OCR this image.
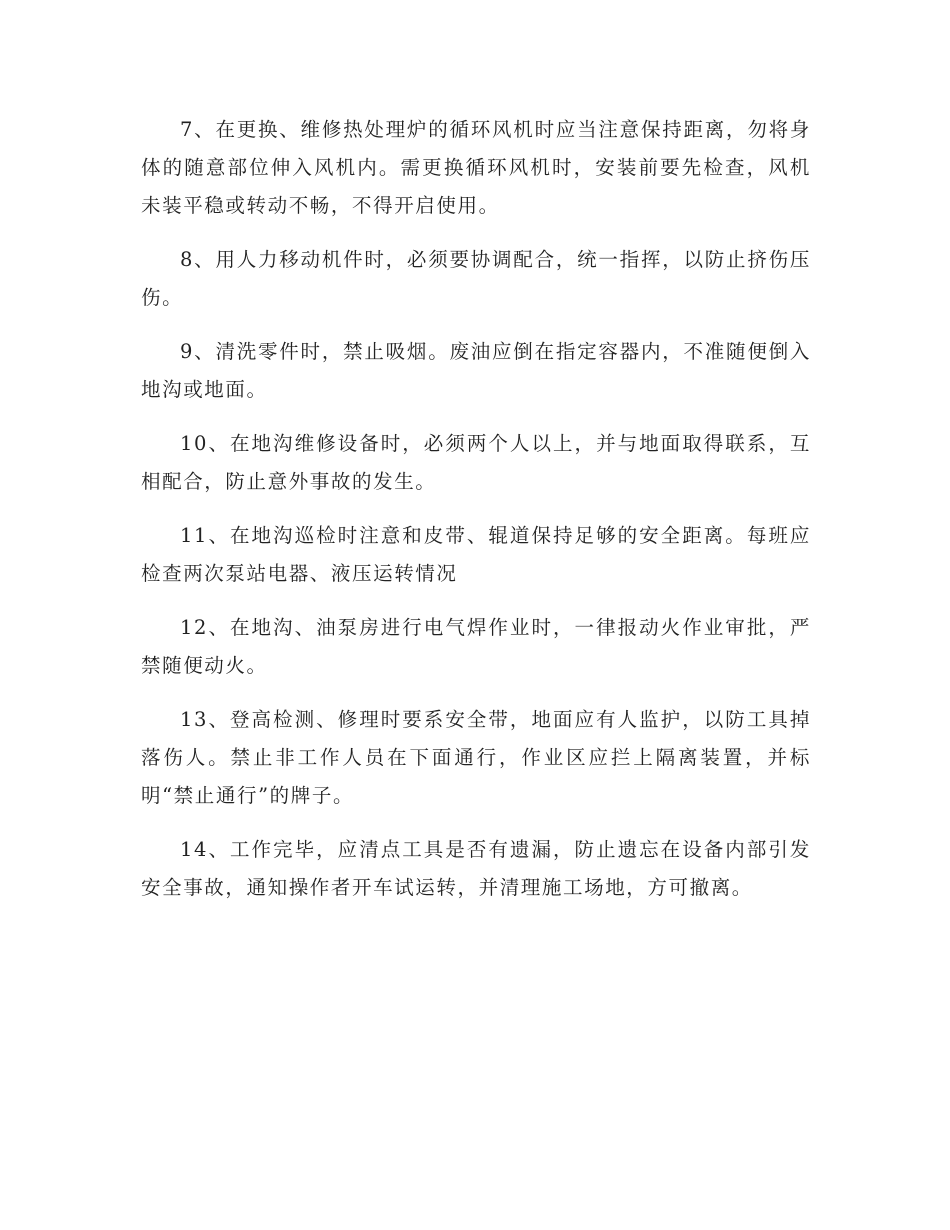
7、在更换、维修热处理炉的循环风机时应当注意保持距离，勿将身体的随意部位伸入风机内。需更换循环风机时，安装前要先检查，风机未装平稳或转动不畅，不得开启使用。

8、用人力移动机件时，必须要协调配合，统一指挥，以防止挤伤压伤。

9、清洗零件时，禁止吸烟。废油应倒在指定容器内，不准随便倒入地沟或地面。

10、在地沟维修设备时，必须两个人以上，并与地面取得联系，互相配合，防止意外事故的发生。

11、在地沟巡检时注意和皮带、辊道保持足够的安全距离。每班应检查两次泵站电器、液压运转情况

12、在地沟、油泵房进行电气焊作业时，一律报动火作业审批，严禁随便动火。

13、登高检测、修理时要系安全带，地面应有人监护，以防工具掉落伤人。禁止非工作人员在下面通行，作业区应拦上隔离装置，并标明“禁止通行”的牌子。

14、工作完毕，应清点工具是否有遗漏，防止遗忘在设备内部引发安全事故，通知操作者开车试运转，并清理施工场地，方可撤离。
